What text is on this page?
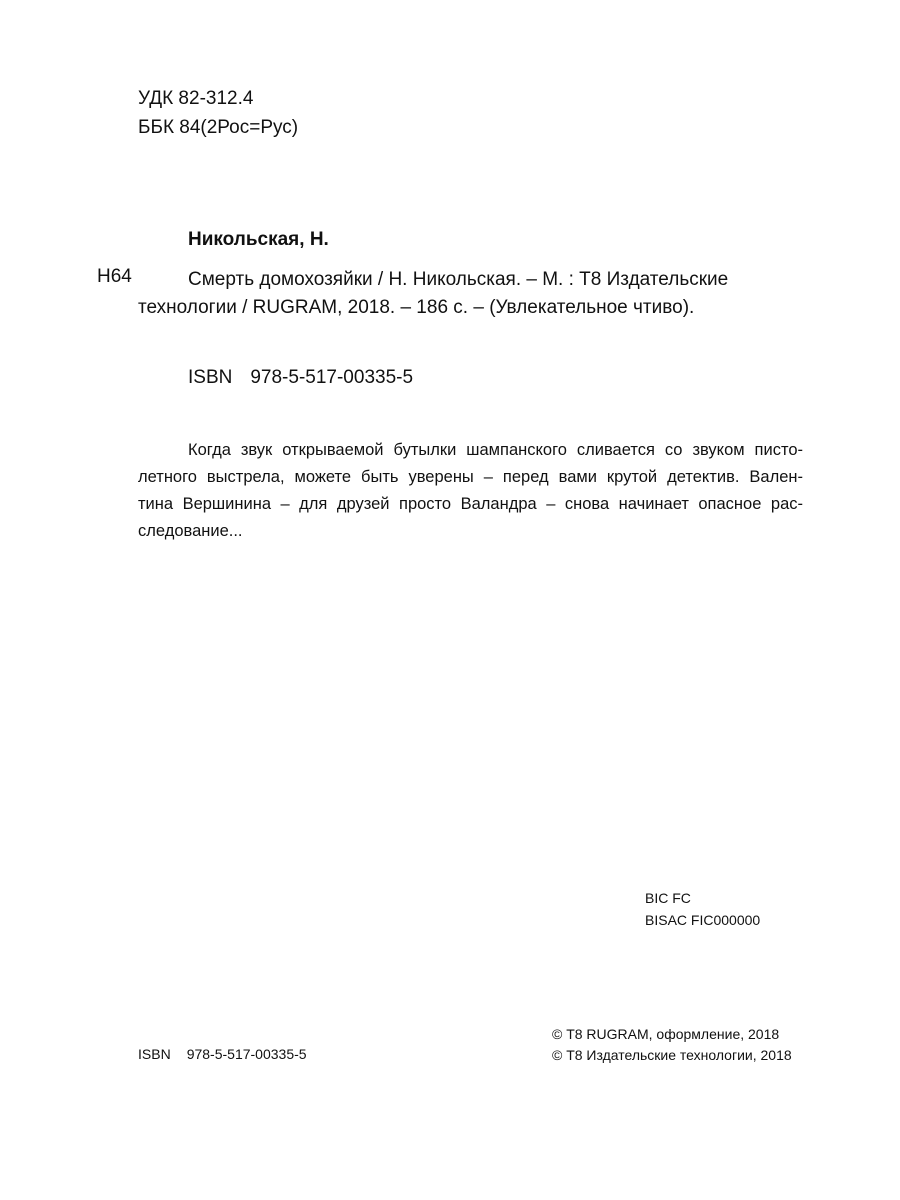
УДК 82-312.4
ББК 84(2Рос=Рус)
Никольская, Н.
Н64	Смерть домохозяйки / Н. Никольская. – М. : Т8 Издательские
технологии / RUGRAM, 2018. – 186 с. – (Увлекательное чтиво).
ISBN 978-5-517-00335-5
Когда звук открываемой бутылки шампанского сливается со звуком писто-
летного выстрела, можете быть уверены – перед вами крутой детектив. Вален-
тина Вершинина – для друзей просто Валандра – снова начинает опасное рас-
следование...
BIC FC
BISAC FIC000000
© Т8 RUGRAM, оформление, 2018
© Т8 Издательские технологии, 2018
ISBN 978-5-517-00335-5
